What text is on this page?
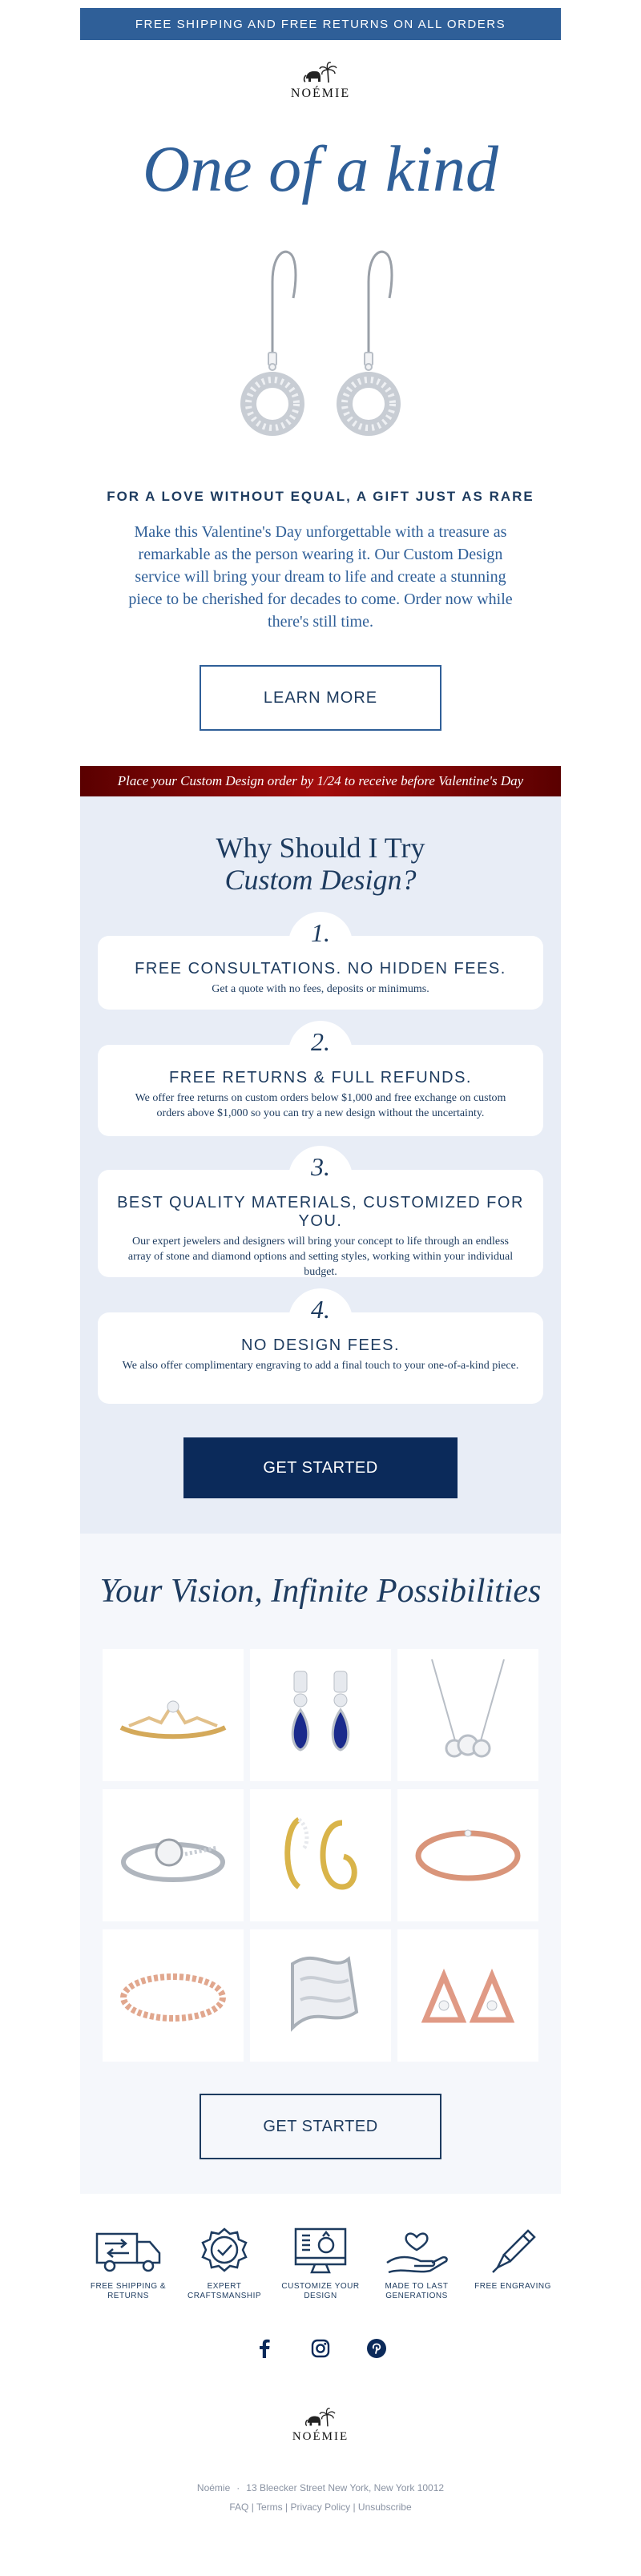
FREE SHIPPING AND FREE RETURNS ON ALL ORDERS
NOÉMIE
One of a kind
FOR A LOVE WITHOUT EQUAL, A GIFT JUST AS RARE
Make this Valentine's Day unforgettable with a treasure as remarkable as the person wearing it. Our Custom Design service will bring your dream to life and create a stunning piece to be cherished for decades to come. Order now while there's still time.
LEARN MORE
Place your Custom Design order by 1/24 to receive before Valentine's Day
Why Should I Try
Custom Design?
1.
FREE CONSULTATIONS. NO HIDDEN FEES.
Get a quote with no fees, deposits or minimums.
2.
FREE RETURNS & FULL REFUNDS.
We offer free returns on custom orders below $1,000 and free exchange on custom orders above $1,000 so you can try a new design without the uncertainty.
3.
BEST QUALITY MATERIALS, CUSTOMIZED FOR YOU.
Our expert jewelers and designers will bring your concept to life through an endless array of stone and diamond options and setting styles, working within your individual budget.
4.
NO DESIGN FEES.
We also offer complimentary engraving to add a final touch to your one-of-a-kind piece.
GET STARTED
Your Vision, Infinite Possibilities
GET STARTED
FREE SHIPPING & RETURNS
EXPERT CRAFTSMANSHIP
CUSTOMIZE YOUR DESIGN
MADE TO LAST GENERATIONS
FREE ENGRAVING
NOÉMIE
Noémie · 13 Bleecker Street New York, New York 10012
FAQ | Terms | Privacy Policy | Unsubscribe
